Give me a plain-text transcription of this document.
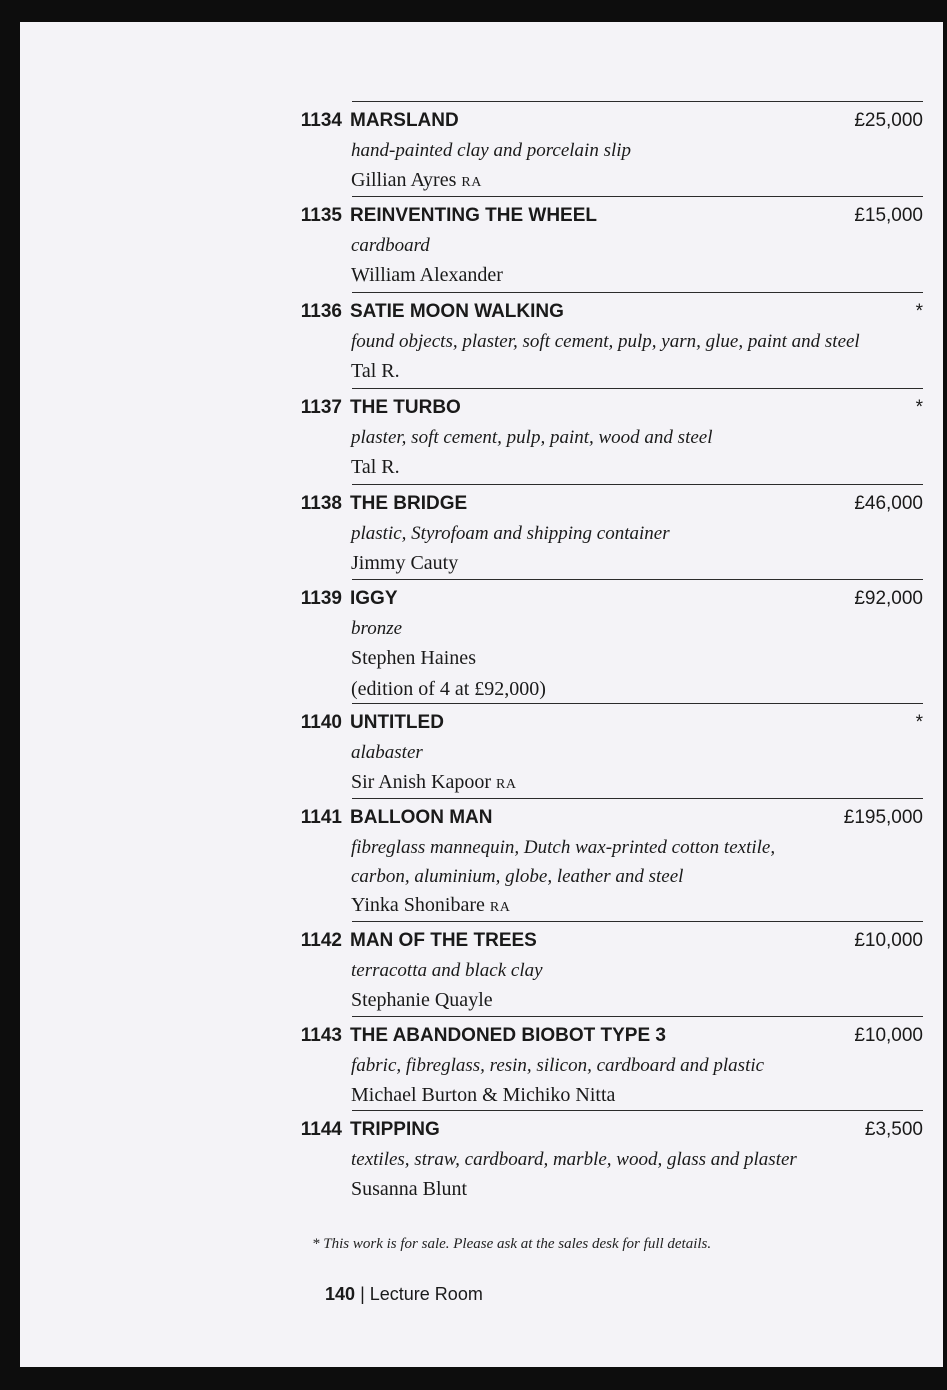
1134 MARSLAND	£25,000
hand-painted clay and porcelain slip
Gillian Ayres RA
1135 REINVENTING THE WHEEL	£15,000
cardboard
William Alexander
1136 SATIE MOON WALKING	*
found objects, plaster, soft cement, pulp, yarn, glue, paint and steel
Tal R.
1137 THE TURBO	*
plaster, soft cement, pulp, paint, wood and steel
Tal R.
1138 THE BRIDGE	£46,000
plastic, Styrofoam and shipping container
Jimmy Cauty
1139 IGGY	£92,000
bronze
Stephen Haines
(edition of 4 at £92,000)
1140 UNTITLED	*
alabaster
Sir Anish Kapoor RA
1141 BALLOON MAN	£195,000
fibreglass mannequin, Dutch wax-printed cotton textile,
carbon, aluminium, globe, leather and steel
Yinka Shonibare RA
1142 MAN OF THE TREES	£10,000
terracotta and black clay
Stephanie Quayle
1143 THE ABANDONED BIOBOT TYPE 3	£10,000
fabric, fibreglass, resin, silicon, cardboard and plastic
Michael Burton & Michiko Nitta
1144 TRIPPING	£3,500
textiles, straw, cardboard, marble, wood, glass and plaster
Susanna Blunt
* This work is for sale. Please ask at the sales desk for full details.
140 | Lecture Room
